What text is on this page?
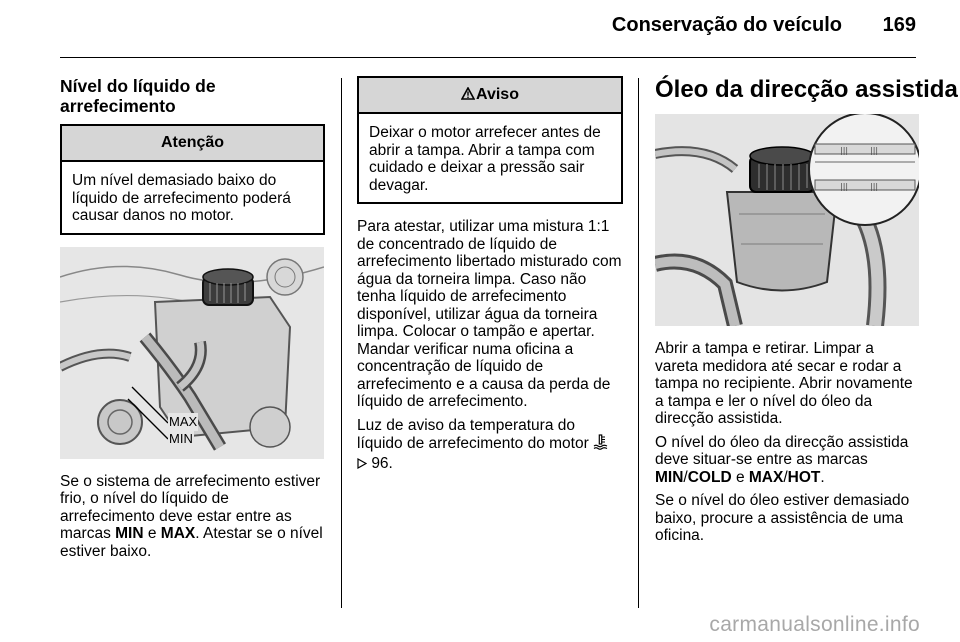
Conservação do veículo 169
Nível do líquido de arrefecimento
Atenção
Um nível demasiado baixo do líquido de arrefecimento poderá causar danos no motor.
MAX
MIN

Se o sistema de arrefecimento estiver frio, o nível do líquido de arrefecimento deve estar entre as marcas MIN e MAX. Atestar se o nível estiver baixo.

Aviso
Deixar o motor arrefecer antes de abrir a tampa. Abrir a tampa com cuidado e deixar a pressão sair devagar.

Para atestar, utilizar uma mistura 1:1 de concentrado de líquido de arrefecimento libertado misturado com água da torneira limpa. Caso não tenha líquido de arrefecimento disponível, utilizar água da torneira limpa. Colocar o tampão e apertar. Mandar verificar numa oficina a concentração de líquido de arrefecimento e a causa da perda de líquido de arrefecimento.

Luz de aviso da temperatura do líquido de arrefecimento do motor
96.

Óleo da direcção assistida
|||	|||
|||	|||

Abrir a tampa e retirar. Limpar a vareta medidora até secar e rodar a tampa no recipiente. Abrir novamente a tampa e ler o nível do óleo da direcção assistida.

O nível do óleo da direcção assistida deve situar-se entre as marcas MIN/COLD e MAX/HOT.

Se o nível do óleo estiver demasiado baixo, procure a assistência de uma oficina.

carmanualsonline.info
